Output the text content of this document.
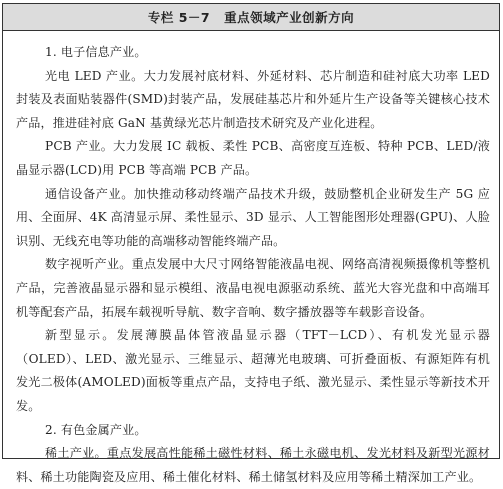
专栏 5－7 重点领域产业创新方向

1. 电子信息产业。

光电 LED 产业。大力发展衬底材料、外延材料、芯片制造和硅衬底大功率 LED 封装及表面贴装器件(SMD)封装产品，发展硅基芯片和外延片生产设备等关键核心技术产品，推进硅衬底 GaN 基黄绿光芯片制造技术研究及产业化进程。

PCB 产业。大力发展 IC 载板、柔性 PCB、高密度互连板、特种 PCB、LED/液晶显示器(LCD)用 PCB 等高端 PCB 产品。

通信设备产业。加快推动移动终端产品技术升级，鼓励整机企业研发生产 5G 应用、全面屏、4K 高清显示屏、柔性显示、3D 显示、人工智能图形处理器(GPU)、人脸识别、无线充电等功能的高端移动智能终端产品。

数字视听产业。重点发展中大尺寸网络智能液晶电视、网络高清视频摄像机等整机产品，完善液晶显示器和显示模组、液晶电视电源驱动系统、蓝光大容光盘和中高端耳机等配套产品，拓展车载视听导航、数字音响、数字播放器等车载影音设备。

新型显示。发展薄膜晶体管液晶显示器（TFT－LCD）、有机发光显示器（OLED）、LED、激光显示、三维显示、超薄光电玻璃、可折叠面板、有源矩阵有机发光二极体(AMOLED)面板等重点产品，支持电子纸、激光显示、柔性显示等新技术开发。

2. 有色金属产业。

稀土产业。重点发展高性能稀土磁性材料、稀土永磁电机、发光材料及新型光源材料、稀土功能陶瓷及应用、稀土催化材料、稀土储氢材料及应用等稀土精深加工产业。
